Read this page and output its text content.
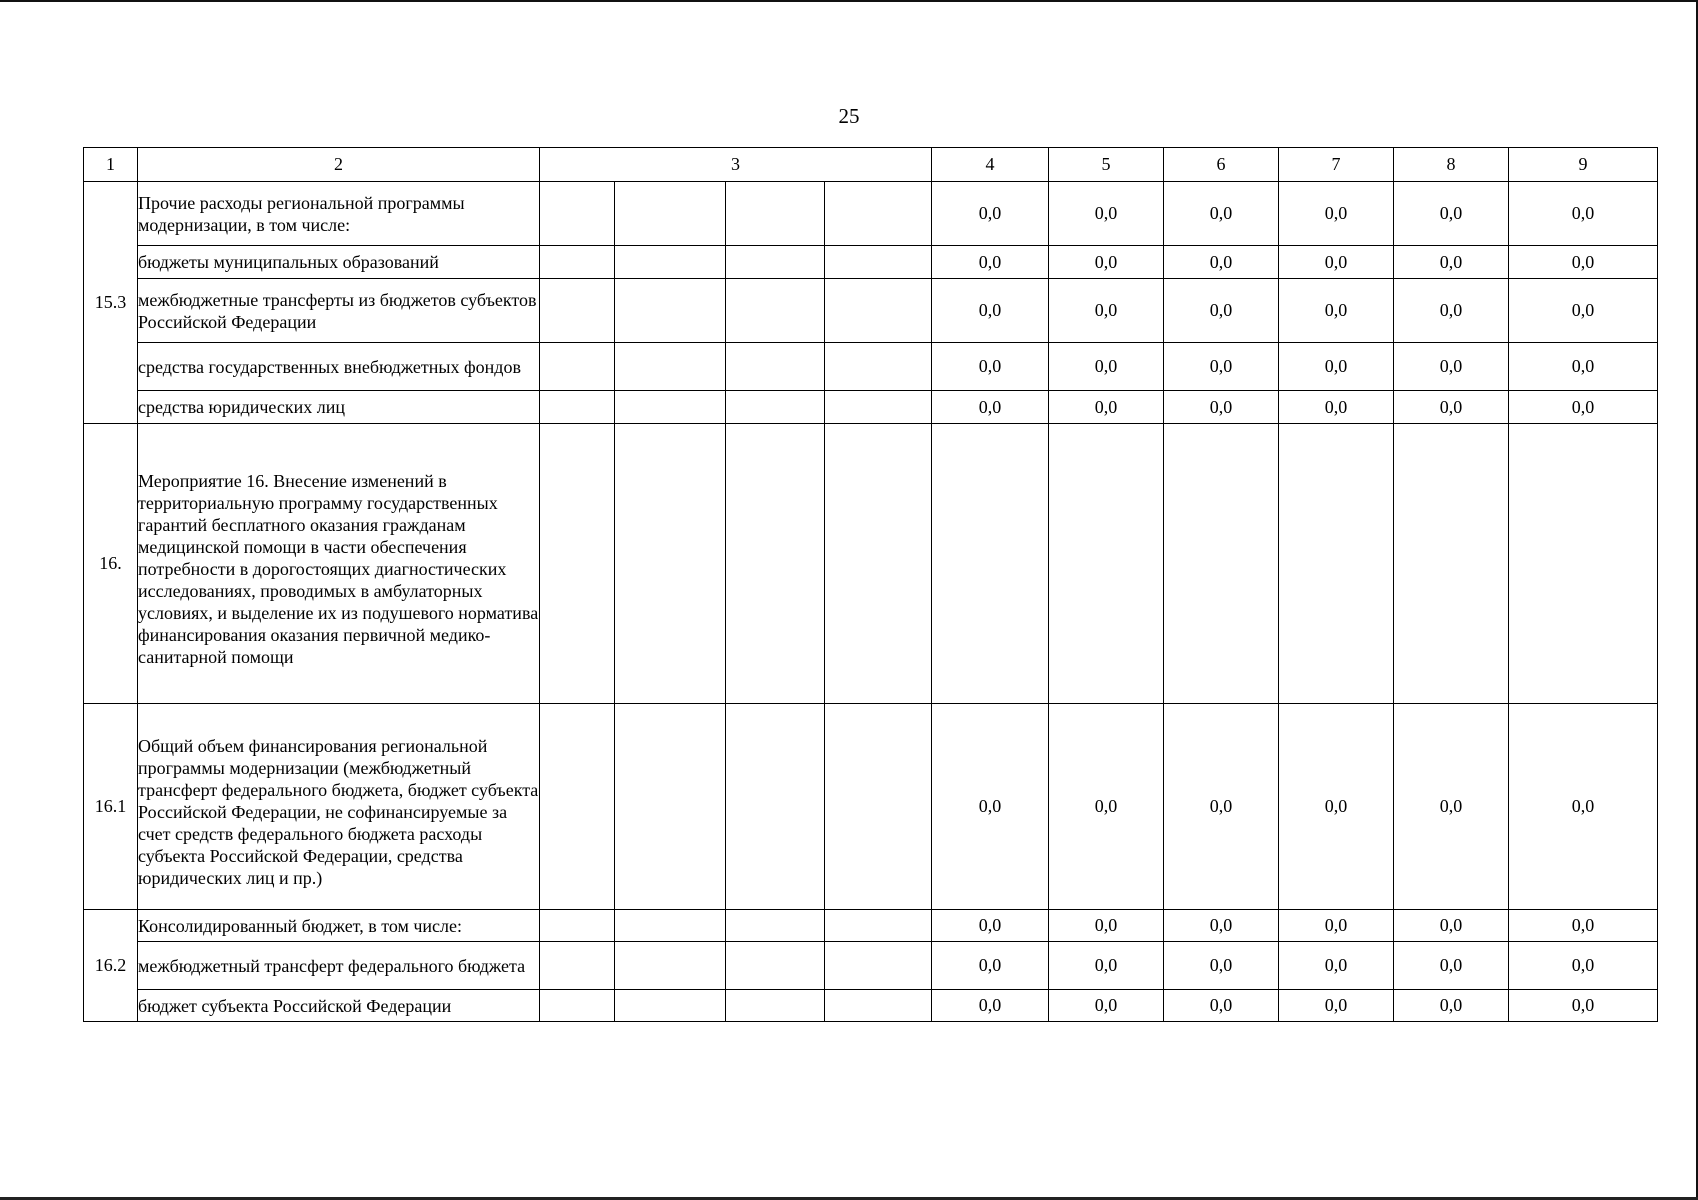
25
1	2	3				4	5	6	7	8	9
15.3	Прочие расходы региональной программы модернизации, в том числе:					0,0	0,0	0,0	0,0	0,0	0,0
	бюджеты муниципальных образований					0,0	0,0	0,0	0,0	0,0	0,0
	межбюджетные трансферты из бюджетов субъектов Российской Федерации					0,0	0,0	0,0	0,0	0,0	0,0
	средства государственных внебюджетных фондов					0,0	0,0	0,0	0,0	0,0	0,0
	средства юридических лиц					0,0	0,0	0,0	0,0	0,0	0,0
16.	Мероприятие 16. Внесение изменений в территориальную программу государственных гарантий бесплатного оказания гражданам медицинской помощи в части обеспечения потребности в дорогостоящих диагностических исследованиях, проводимых в амбулаторных условиях, и выделение их из подушевого норматива финансирования оказания первичной медико-санитарной помощи										
16.1	Общий объем финансирования региональной программы модернизации (межбюджетный трансферт федерального бюджета, бюджет субъекта Российской Федерации, не софинансируемые за счет средств федерального бюджета расходы субъекта Российской Федерации, средства юридических лиц и пр.)					0,0	0,0	0,0	0,0	0,0	0,0
16.2	Консолидированный бюджет, в том числе:					0,0	0,0	0,0	0,0	0,0	0,0
	межбюджетный трансферт федерального бюджета					0,0	0,0	0,0	0,0	0,0	0,0
	бюджет субъекта Российской Федерации					0,0	0,0	0,0	0,0	0,0	0,0
